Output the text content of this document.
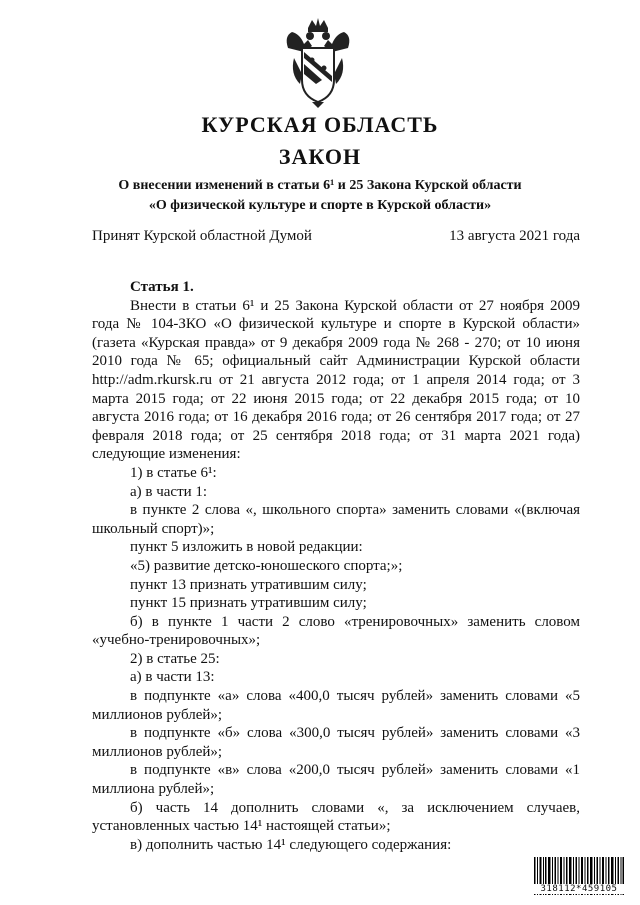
КУРСКАЯ ОБЛАСТЬ
ЗАКОН
О внесении изменений в статьи 6¹ и 25 Закона Курской области
«О физической культуре и спорте в Курской области»
Принят Курской областной Думой	13 августа 2021 года

Статья 1.

Внести в статьи 6¹ и 25 Закона Курской области от 27 ноября 2009 года № 104-ЗКО «О физической культуре и спорте в Курской области» (газета «Курская правда» от 9 декабря 2009 года № 268 - 270; от 10 июня 2010 года № 65; официальный сайт Администрации Курской области http://adm.rkursk.ru от 21 августа 2012 года; от 1 апреля 2014 года; от 3 марта 2015 года; от 22 июня 2015 года; от 22 декабря 2015 года; от 10 августа 2016 года; от 16 декабря 2016 года; от 26 сентября 2017 года; от 27 февраля 2018 года; от 25 сентября 2018 года; от 31 марта 2021 года) следующие изменения:

1) в статье 6¹:

а) в части 1:

в пункте 2 слова «, школьного спорта» заменить словами «(включая школьный спорт)»;

пункт 5 изложить в новой редакции:

«5) развитие детско-юношеского спорта;»;

пункт 13 признать утратившим силу;

пункт 15 признать утратившим силу;

б) в пункте 1 части 2 слово «тренировочных» заменить словом «учебно-тренировочных»;

2) в статье 25:

а) в части 13:

в подпункте «а» слова «400,0 тысяч рублей» заменить словами «5 миллионов рублей»;

в подпункте «б» слова «300,0 тысяч рублей» заменить словами «3 миллионов рублей»;

в подпункте «в» слова «200,0 тысяч рублей» заменить словами «1 миллиона рублей»;

б) часть 14 дополнить словами «, за исключением случаев, установленных частью 14¹ настоящей статьи»;

в) дополнить частью 14¹ следующего содержания:

318112*459105
